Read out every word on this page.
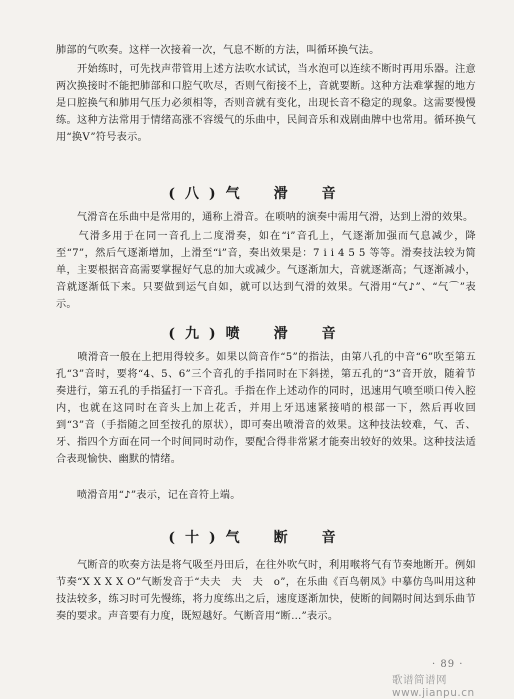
肺部的气吹奏。这样一次接着一次，气息不断的方法，叫循环换气法。
　　开始练时，可先找声带管用上述方法吹水试试，当水泡可以连续不断时再用乐器。注意两次换接时不能把肺部和口腔气吹尽，否则气衔接不上，音就要断。这种方法难掌握的地方是口腔换气和肺用气压力必须相等，否则音就有变化，出现长音不稳定的现象。这需要慢慢练。这种方法常用于情绪高涨不容缓气的乐曲中，民间音乐和戏剧曲牌中也常用。循环换气用“换V”符号表示。
(八)气　滑　音
　　气滑音在乐曲中是常用的，通称上滑音。在唢呐的演奏中需用气滑，达到上滑的效果。
　　气滑多用于在同一音孔上二度滑奏，如在“i”音孔上，气逐渐加强而气息减少，降至“7”，然后气逐渐增加，上滑至“i”音，奏出效果是：7̇ i i 4 5 5 等等。滑奏技法较为简单，主要根据音高需要掌握好气息的加大或减少。气逐渐加大，音就逐渐高；气逐渐减小，音就逐渐低下来。只要做到运气自如，就可以达到气滑的效果。气滑用“气♪”、“气⌒”表示。
(九)喷　滑　音
　　喷滑音一般在上把用得较多。如果以筒音作“5”的指法，由第八孔的中音“6”吹至第五孔“3”音时，要将“4、5、6”三个音孔的手指同时在下斜搓，第五孔的“3”音开放，随着节奏进行，第五孔的手指猛打一下音孔。手指在作上述动作的同时，迅速用气喷至唢口传入腔内，也就在这同时在音头上加上花舌，并用上牙迅速紧接哨的根部一下，然后再收回到“3”音（手指随之回至按孔的原状），即可奏出喷滑音的效果。这种技法较难，气、舌、牙、指四个方面在同一个时间同时动作，要配合得非常紧才能奏出较好的效果。这种技法适合表现愉快、幽默的情绪。
　　喷滑音用“♪”表示，记在音符上端。
(十)气　断　音
　　气断音的吹奏方法是将气吸至丹田后，在往外吹气时，利用喉将气有节奏地断开。例如节奏“X X X X O”气断发音于“夫夫　夫　夫　o”，在乐曲《百鸟朝凤》中摹仿鸟叫用这种技法较多，练习时可先慢练，将力度练出之后，速度逐渐加快，使断的间隔时间达到乐曲节奏的要求。声音要有力度，既短越好。气断音用“断…”表示。
· 89 ·
歌谱简谱网 www.jianpu.cn
